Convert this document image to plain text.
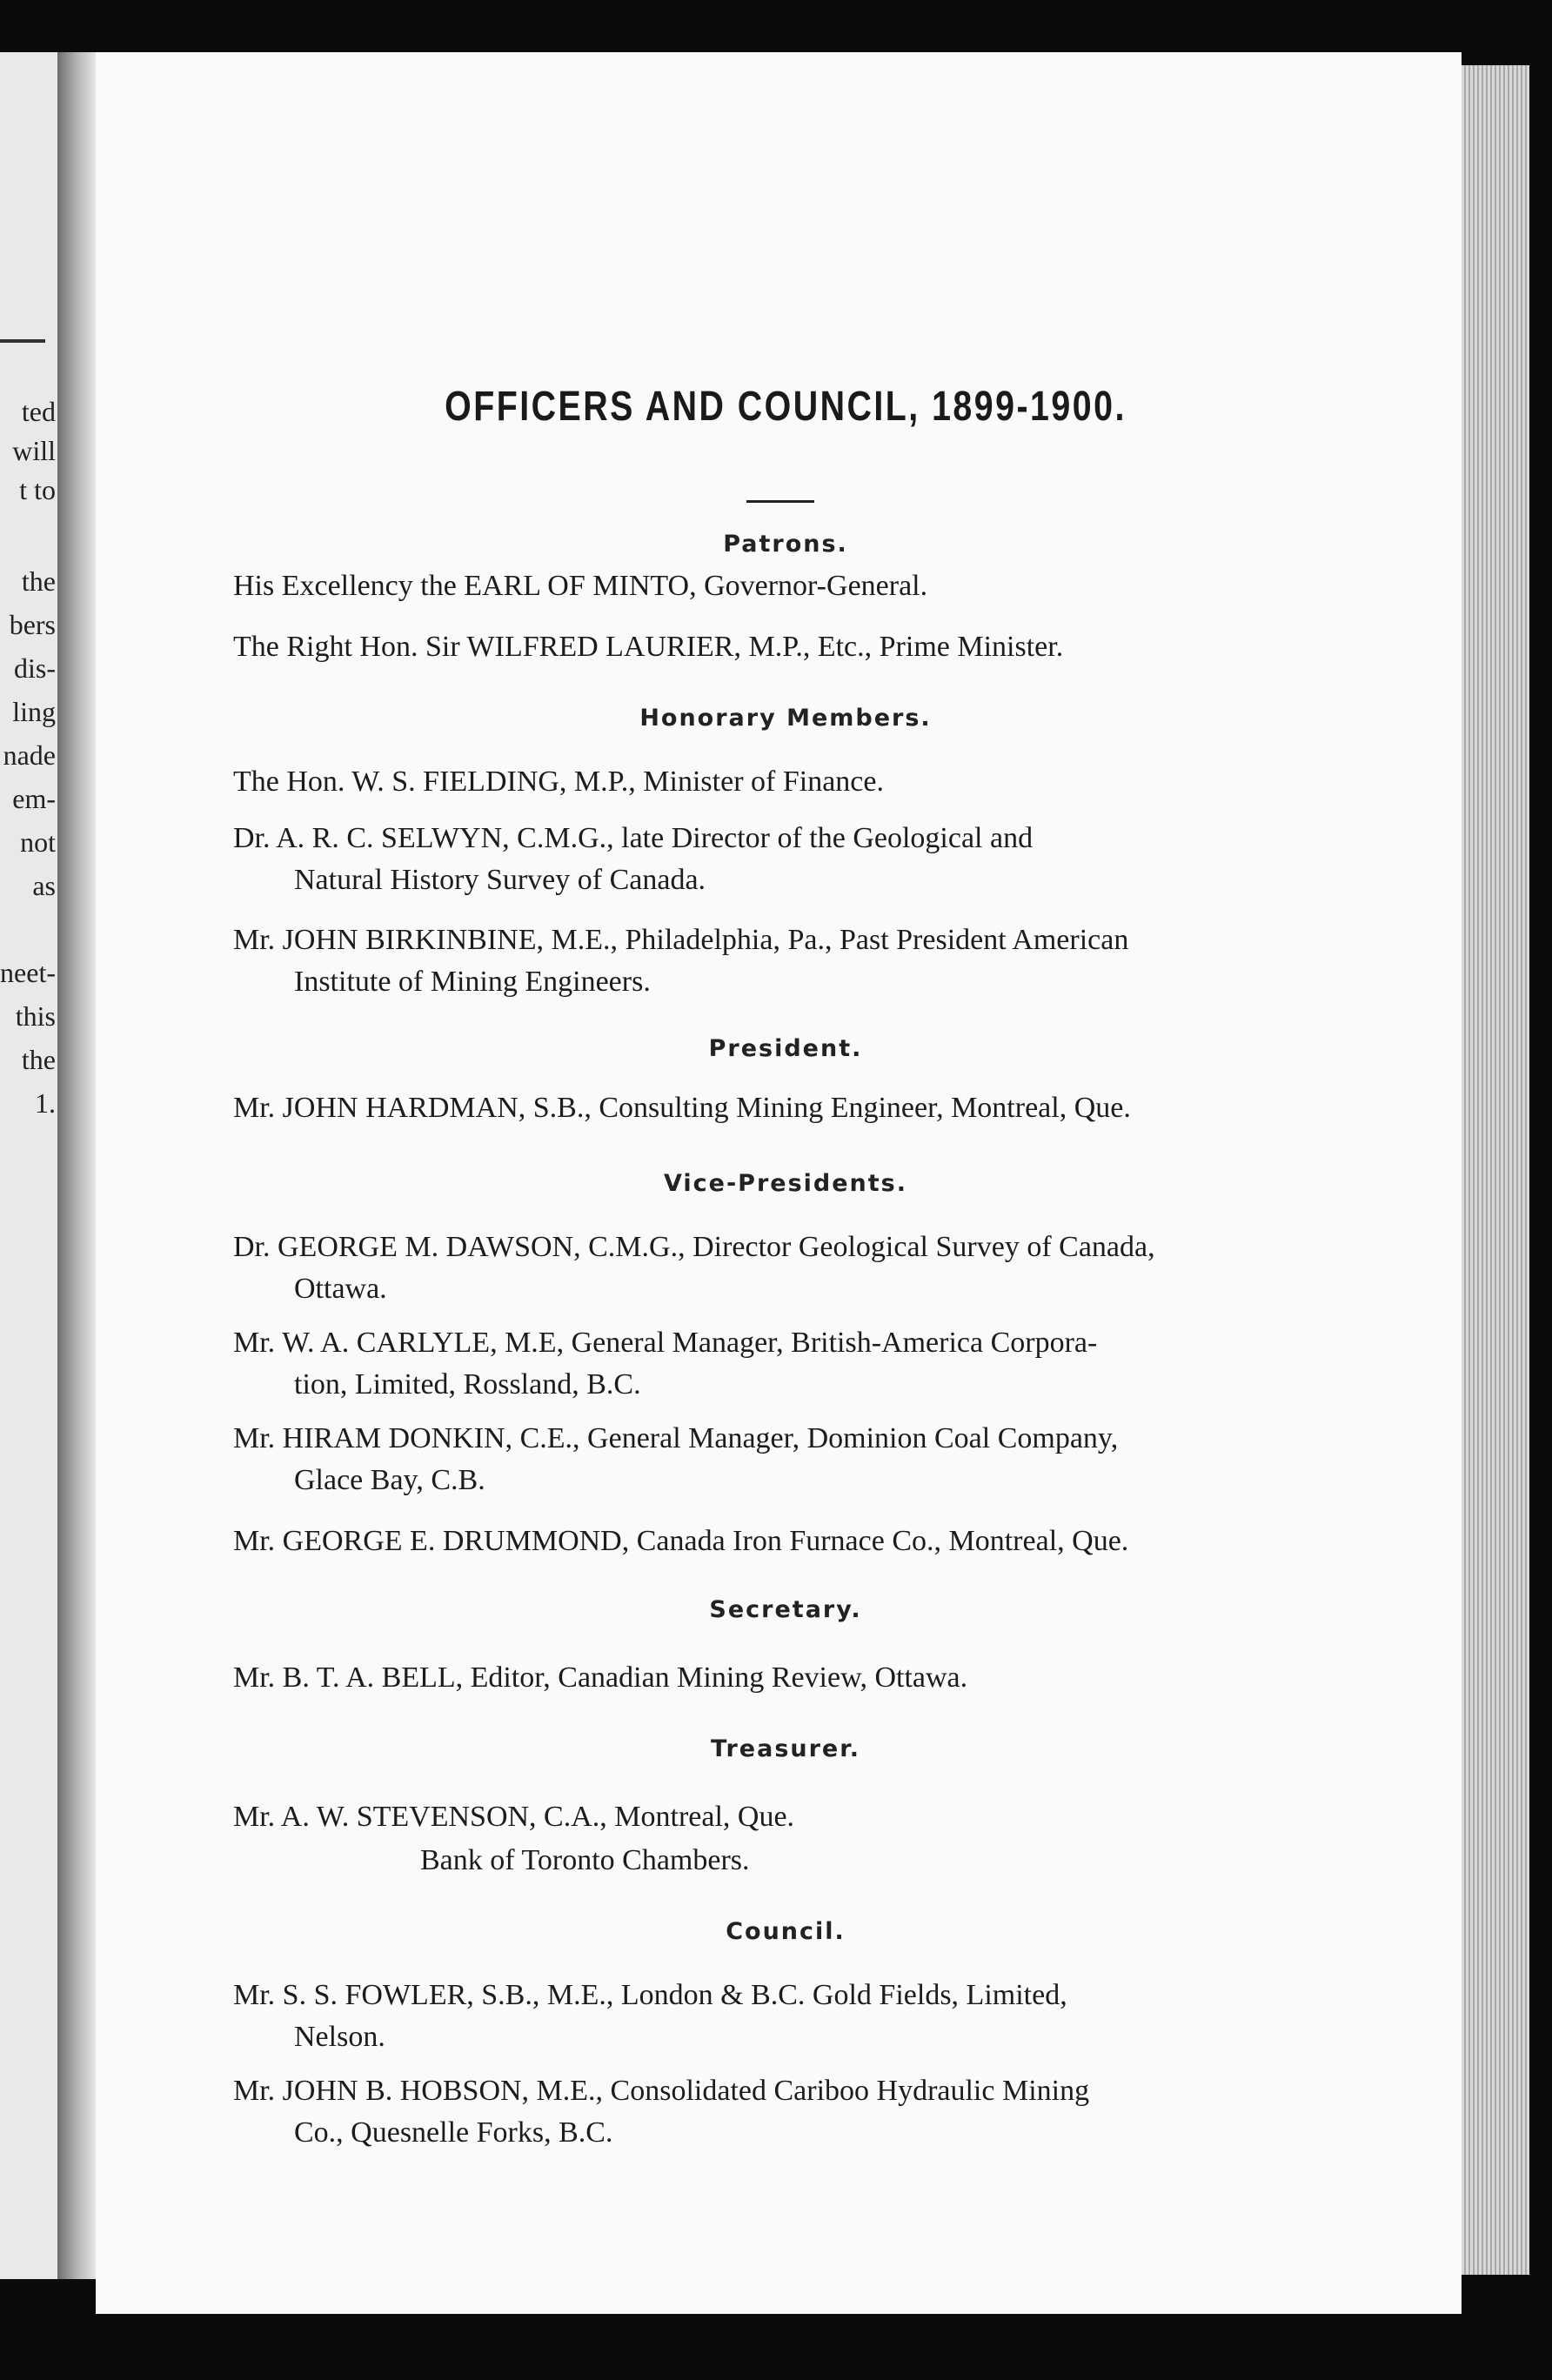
ted
will
t to
the
bers
dis-
ling
nade
em-
not
as
neet-
this
the
1.
OFFICERS AND COUNCIL, 1899-1900.
Patrons.
His Excellency the EARL OF MINTO, Governor-General.
The Right Hon. Sir WILFRED LAURIER, M.P., Etc., Prime Minister.
Honorary Members.
The Hon. W. S. FIELDING, M.P., Minister of Finance.
Dr. A. R. C. SELWYN, C.M.G., late Director of the Geological and
Natural History Survey of Canada.
Mr. JOHN BIRKINBINE, M.E., Philadelphia, Pa., Past President American
Institute of Mining Engineers.
President.
Mr. JOHN HARDMAN, S.B., Consulting Mining Engineer, Montreal, Que.
Vice-Presidents.
Dr. GEORGE M. DAWSON, C.M.G., Director Geological Survey of Canada,
Ottawa.
Mr. W. A. CARLYLE, M.E, General Manager, British-America Corpora-
tion, Limited, Rossland, B.C.
Mr. HIRAM DONKIN, C.E., General Manager, Dominion Coal Company,
Glace Bay, C.B.
Mr. GEORGE E. DRUMMOND, Canada Iron Furnace Co., Montreal, Que.
Secretary.
Mr. B. T. A. BELL, Editor, Canadian Mining Review, Ottawa.
Treasurer.
Mr. A. W. STEVENSON, C.A., Montreal, Que.
Bank of Toronto Chambers.
Council.
Mr. S. S. FOWLER, S.B., M.E., London & B.C. Gold Fields, Limited,
Nelson.
Mr. JOHN B. HOBSON, M.E., Consolidated Cariboo Hydraulic Mining
Co., Quesnelle Forks, B.C.
